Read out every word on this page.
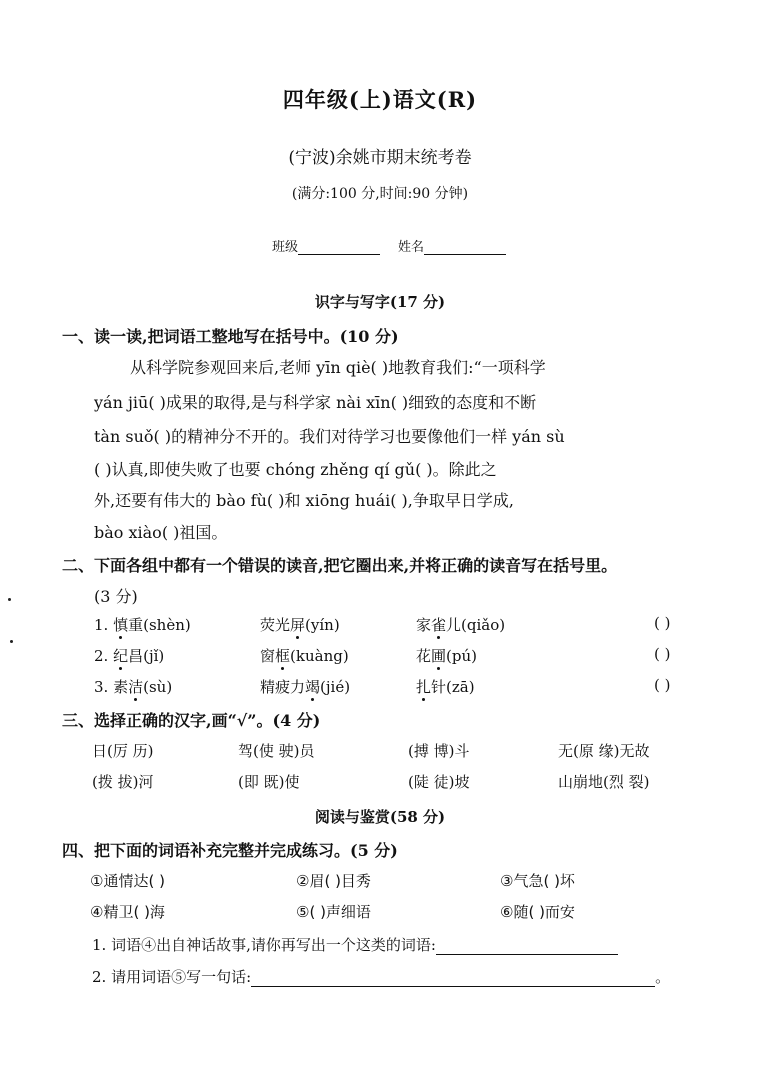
四年级(上)语文(R)
(宁波)余姚市期末统考卷
(满分:100 分,时间:90 分钟)
班级	姓名
识字与写字(17 分)
一、读一读,把词语工整地写在括号中。(10 分)
从科学院参观回来后,老师 yīn qiè( )地教育我们:“一项科学
yán jiū( )成果的取得,是与科学家 nài xīn( )细致的态度和不断
tàn suǒ( )的精神分不开的。我们对待学习也要像他们一样 yán sù
( )认真,即使失败了也要 chóng zhěng qí gǔ( )。除此之
外,还要有伟大的 bào fù( )和 xiōng huái( ),争取早日学成,
bào xiào( )祖国。
二、下面各组中都有一个错误的读音,把它圈出来,并将正确的读音写在括号里。
(3 分)
1. 慎重(shèn)	荧光屏(yín)	家雀儿(qiǎo)	( )
2. 纪昌(jǐ)	窗框(kuàng)	花圃(pú)	( )
3. 素洁(sù)	精疲力竭(jié)	扎针(zā)	( )
三、选择正确的汉字,画“√”。(4 分)
日(厉 历)	驾(使 驶)员	(搏 博)斗	无(原 缘)无故
(拨 拔)河	(即 既)使	(陡 徒)坡	山崩地(烈 裂)
阅读与鉴赏(58 分)
四、把下面的词语补充完整并完成练习。(5 分)
①通情达( )	②眉( )目秀	③气急( )坏
④精卫( )海	⑤( )声细语	⑥随( )而安
1. 词语④出自神话故事,请你再写出一个这类的词语:
2. 请用词语⑤写一句话:	。
